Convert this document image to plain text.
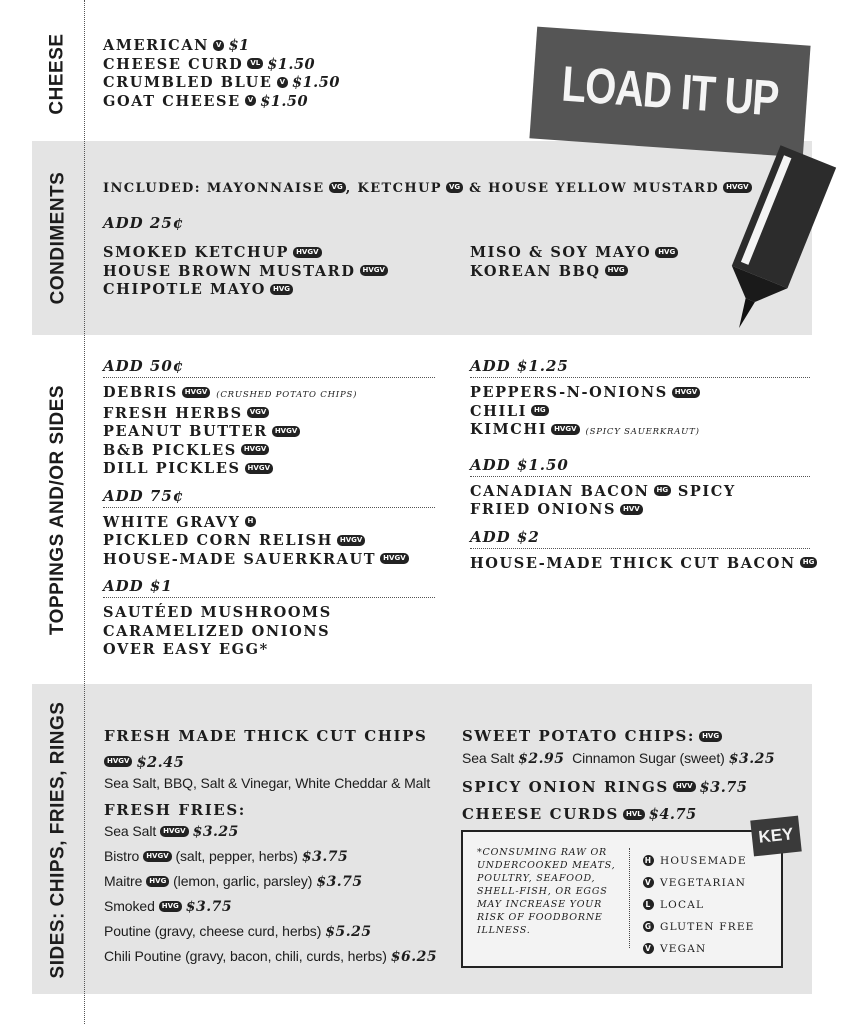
CHEESE
CONDIMENTS
TOPPINGS AND/OR SIDES
SIDES: CHIPS, FRIES, RINGS
LOAD IT UP
AMERICAN V $1
CHEESE CURD VL $1.50
CRUMBLED BLUE V $1.50
GOAT CHEESE V $1.50
INCLUDED: MAYONNAISE VG , KETCHUP VG & HOUSE YELLOW MUSTARD HVGV
ADD 25¢
SMOKED KETCHUP HVGV
HOUSE BROWN MUSTARD HVGV
CHIPOTLE MAYO HVG
MISO & SOY MAYO HVG
KOREAN BBQ HVG
ADD 50¢
DEBRIS HVGV (CRUSHED POTATO CHIPS)
FRESH HERBS VGV
PEANUT BUTTER HVGV
B&B PICKLES HVGV
DILL PICKLES HVGV
ADD 75¢
WHITE GRAVY H
PICKLED CORN RELISH HVGV
HOUSE-MADE SAUERKRAUT HVGV
ADD $1
SAUTÉED MUSHROOMS
CARAMELIZED ONIONS
OVER EASY EGG*
ADD $1.25
PEPPERS-N-ONIONS HVGV
CHILI HG
KIMCHI HVGV (SPICY SAUERKRAUT)
ADD $1.50
CANADIAN BACON HG SPICY
FRIED ONIONS HVV
ADD $2
HOUSE-MADE THICK CUT BACON HG
FRESH MADE THICK CUT CHIPS
HVGV $2.45
Sea Salt, BBQ, Salt & Vinegar, White Cheddar & Malt
FRESH FRIES:
Sea Salt HVGV $3.25
Bistro HVGV (salt, pepper, herbs) $3.75
Maitre HVG (lemon, garlic, parsley) $3.75
Smoked HVG $3.75
Poutine (gravy, cheese curd, herbs) $5.25
Chili Poutine (gravy, bacon, chili, curds, herbs) $6.25
SWEET POTATO CHIPS: HVG
Sea Salt $2.95 Cinnamon Sugar (sweet) $3.25
SPICY ONION RINGS HVV $3.75
CHEESE CURDS HVL $4.75
*CONSUMING RAW OR UNDERCOOKED MEATS, POULTRY, SEAFOOD, SHELL-FISH, OR EGGS MAY INCREASE YOUR RISK OF FOODBORNE ILLNESS.
H HOUSEMADE
V VEGETARIAN
L LOCAL
G GLUTEN FREE
V VEGAN
KEY
